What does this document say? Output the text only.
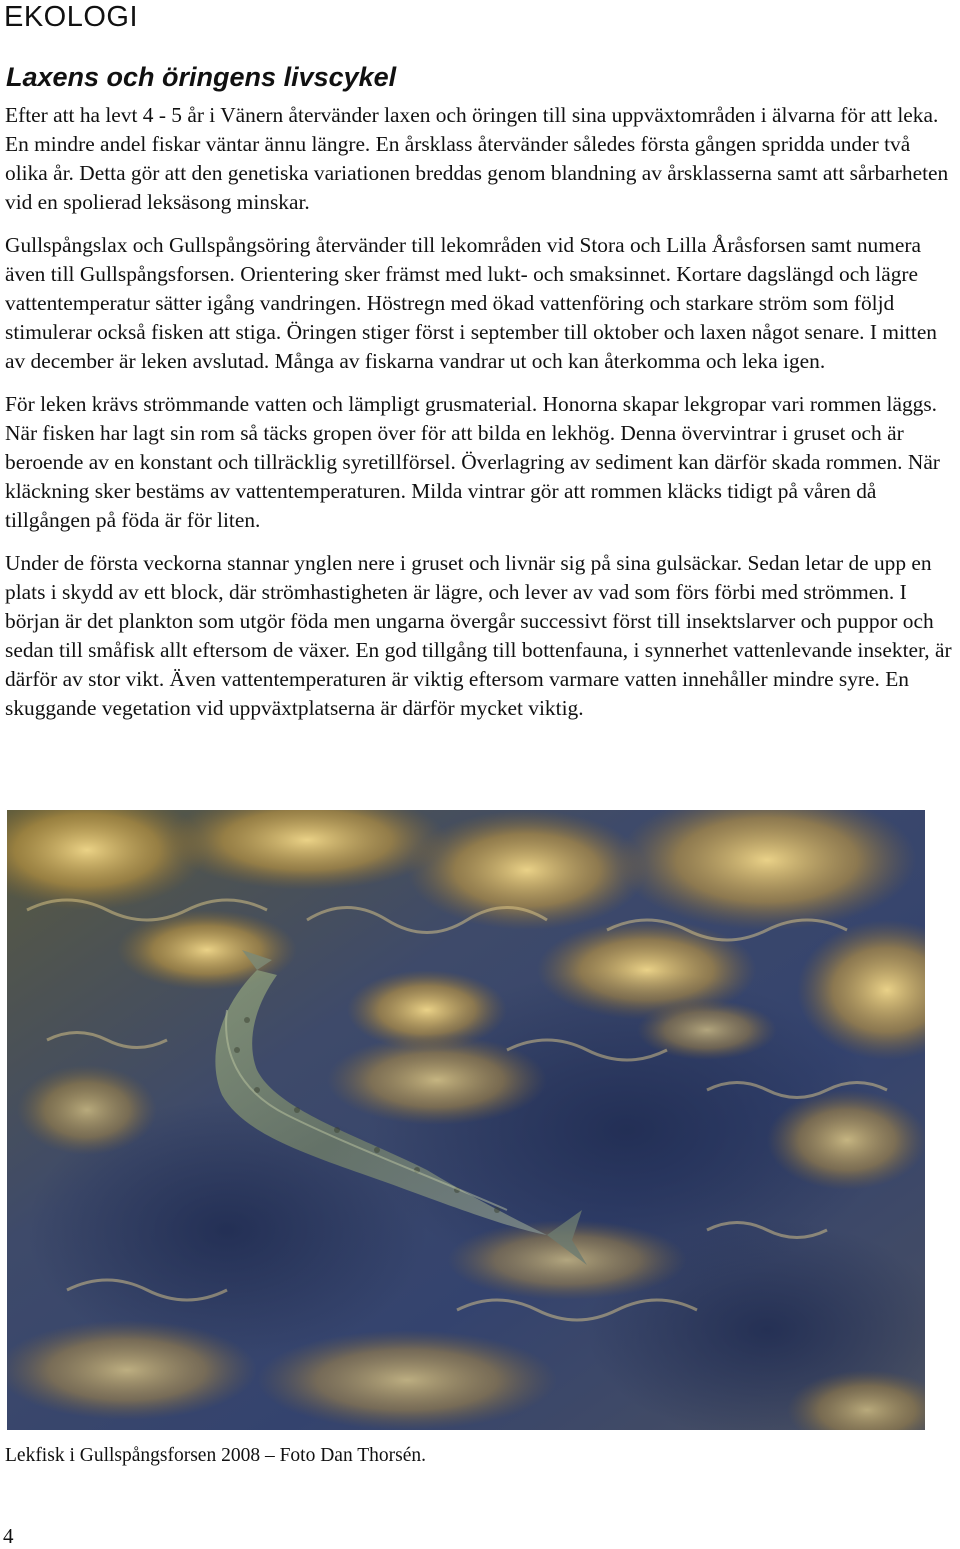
EKOLOGI
Laxens och öringens livscykel

Efter att ha levt 4 - 5 år i Vänern återvänder laxen och öringen till sina uppväxtområden i älvarna för att leka. En mindre andel fiskar väntar ännu längre. En årsklass återvänder således första gången spridda under två olika år. Detta gör att den genetiska variationen breddas genom blandning av årsklasserna samt att sårbarheten vid en spolierad leksäsong minskar.

Gullspångslax och Gullspångsöring återvänder till lekområden vid Stora och Lilla Åråsforsen samt numera även till Gullspångsforsen. Orientering sker främst med lukt- och smaksinnet. Kortare dagslängd och lägre vattentemperatur sätter igång vandringen. Höstregn med ökad vattenföring och starkare ström som följd stimulerar också fisken att stiga. Öringen stiger först i september till oktober och laxen något senare. I mitten av december är leken avslutad. Många av fiskarna vandrar ut och kan återkomma och leka igen.

För leken krävs strömmande vatten och lämpligt grusmaterial. Honorna skapar lekgropar vari rommen läggs. När fisken har lagt sin rom så täcks gropen över för att bilda en lekhög. Denna övervintrar i gruset och är beroende av en konstant och tillräcklig syretillförsel. Överlagring av sediment kan därför skada rommen. När kläckning sker bestäms av vattentemperaturen. Milda vintrar gör att rommen kläcks tidigt på våren då tillgången på föda är för liten.

Under de första veckorna stannar ynglen nere i gruset och livnär sig på sina gulsäckar. Sedan letar de upp en plats i skydd av ett block, där strömhastigheten är lägre, och lever av vad som förs förbi med strömmen. I början är det plankton som utgör föda men ungarna övergår successivt först till insektslarver och puppor och sedan till småfisk allt eftersom de växer. En god tillgång till bottenfauna, i synnerhet vattenlevande insekter, är därför av stor vikt. Även vattentemperaturen är viktig eftersom varmare vatten innehåller mindre syre. En skuggande vegetation vid uppväxtplatserna är därför mycket viktig.

Lekfisk i Gullspångsforsen 2008 – Foto Dan Thorsén.
4
